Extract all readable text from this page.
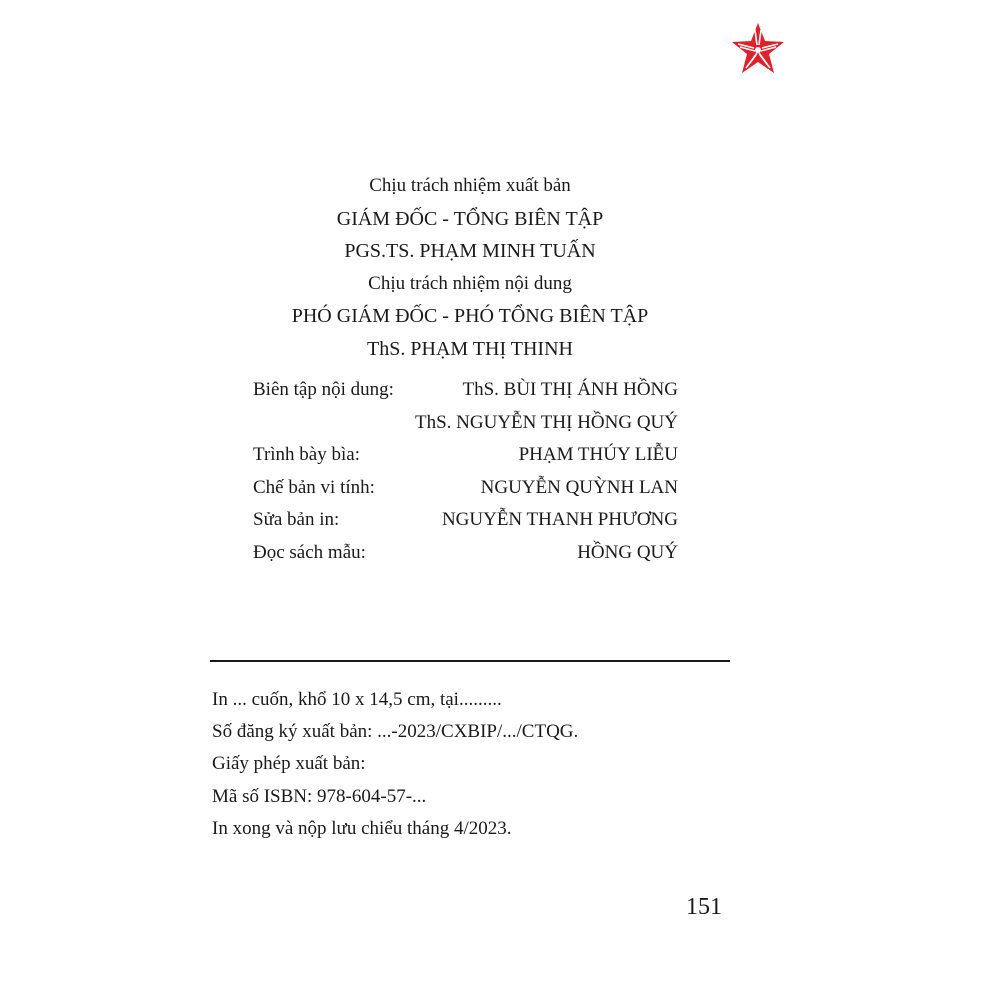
Chịu trách nhiệm xuất bản
GIÁM ĐỐC - TỔNG BIÊN TẬP
PGS.TS. PHẠM MINH TUẤN
Chịu trách nhiệm nội dung
PHÓ GIÁM ĐỐC - PHÓ TỔNG BIÊN TẬP
ThS. PHẠM THỊ THINH
Biên tập nội dung:	ThS. BÙI THỊ ÁNH HỒNG
ThS. NGUYỄN THỊ HỒNG QUÝ
Trình bày bìa:	PHẠM THÚY LIỄU
Chế bản vi tính:	NGUYỄN QUỲNH LAN
Sửa bản in:	NGUYỄN THANH PHƯƠNG
Đọc sách mẫu:	HỒNG QUÝ
In ... cuốn, khổ 10 x 14,5 cm, tại.........
Số đăng ký xuất bản: ...-2023/CXBIP/.../CTQG.
Giấy phép xuất bản:
Mã số ISBN: 978-604-57-...
In xong và nộp lưu chiểu tháng 4/2023.
151
